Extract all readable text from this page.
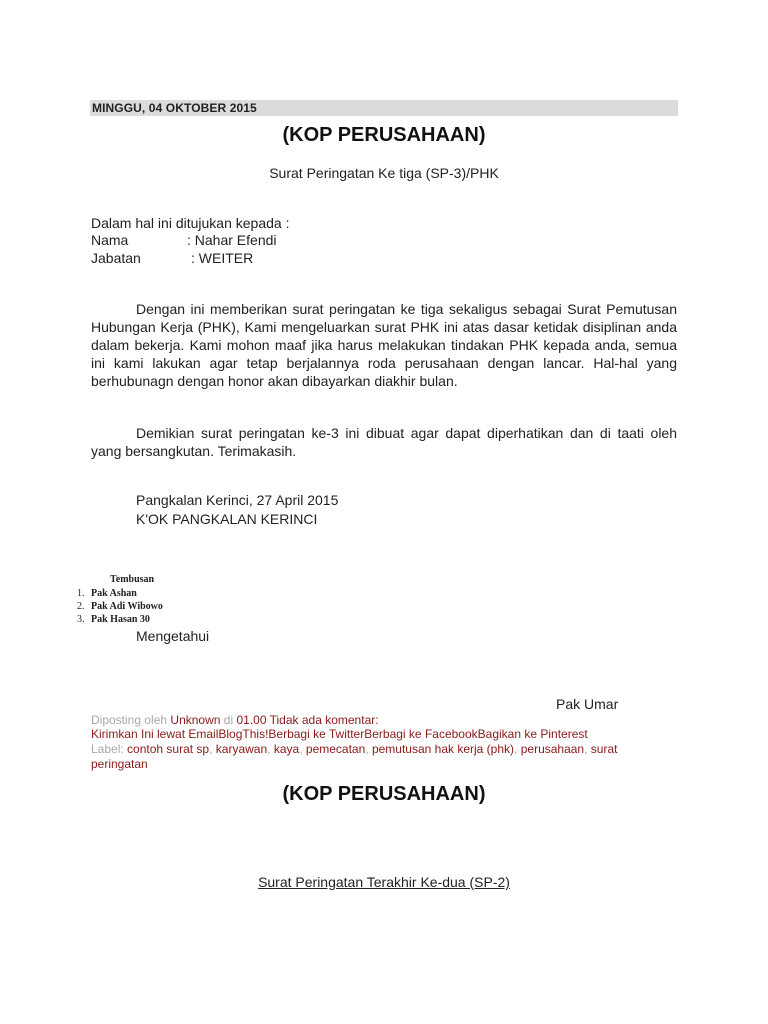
MINGGU, 04 OKTOBER 2015
(KOP PERUSAHAAN)
Surat Peringatan Ke tiga (SP-3)/PHK
Dalam hal ini ditujukan kepada :
Nama	: Nahar Efendi
Jabatan	: WEITER
Dengan ini memberikan surat peringatan ke tiga sekaligus sebagai Surat Pemutusan Hubungan Kerja (PHK), Kami mengeluarkan surat PHK ini atas dasar ketidak disiplinan anda dalam bekerja. Kami mohon maaf jika harus melakukan tindakan PHK kepada anda, semua ini kami lakukan agar tetap berjalannya roda perusahaan dengan lancar. Hal-hal yang berhubunagn dengan honor akan dibayarkan diakhir bulan.
Demikian surat peringatan ke-3 ini dibuat agar dapat diperhatikan dan di taati oleh yang bersangkutan. Terimakasih.
Pangkalan Kerinci, 27 April 2015
K'OK PANGKALAN KERINCI
Tembusan
1. Pak Ashan
2. Pak Adi Wibowo
3. Pak Hasan 30
Mengetahui
Pak Umar
Diposting oleh Unknown di 01.00 Tidak ada komentar:
Kirimkan Ini lewat EmailBlogThis!Berbagi ke TwitterBerbagi ke FacebookBagikan ke Pinterest
Label: contoh surat sp, karyawan, kaya, pemecatan, pemutusan hak kerja (phk), perusahaan, surat peringatan
(KOP PERUSAHAAN)
Surat Peringatan Terakhir Ke-dua (SP-2)
